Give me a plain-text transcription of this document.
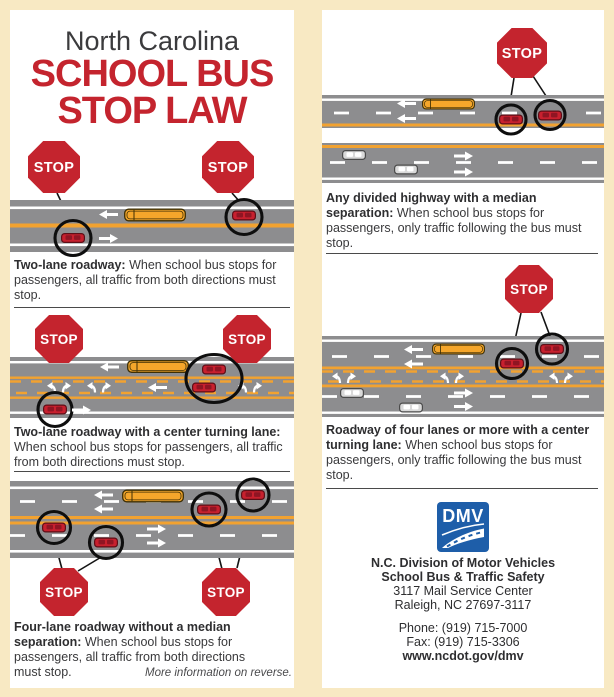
North Carolina
SCHOOL BUS
STOP LAW
STOP	STOP

Two-lane roadway: When school bus stops for passengers, all traffic from both directions must stop.

STOP	STOP

Two-lane roadway with a center turning lane: When school bus stops for passengers, all traffic from both directions must stop.

STOP	STOP

Four-lane roadway without a median separation: When school bus stops for passengers, all traffic from both directions must stop.	More information on reverse.

STOP

Any divided highway with a median separation: When school bus stops for passengers, only traffic following the bus must stop.

STOP

Roadway of four lanes or more with a center turning lane: When school bus stops for passengers, only traffic following the bus must stop.

DMV
N.C. Division of Motor Vehicles
School Bus & Traffic Safety
3117 Mail Service Center
Raleigh, NC 27697-3117
Phone: (919) 715-7000
Fax: (919) 715-3306
www.ncdot.gov/dmv
